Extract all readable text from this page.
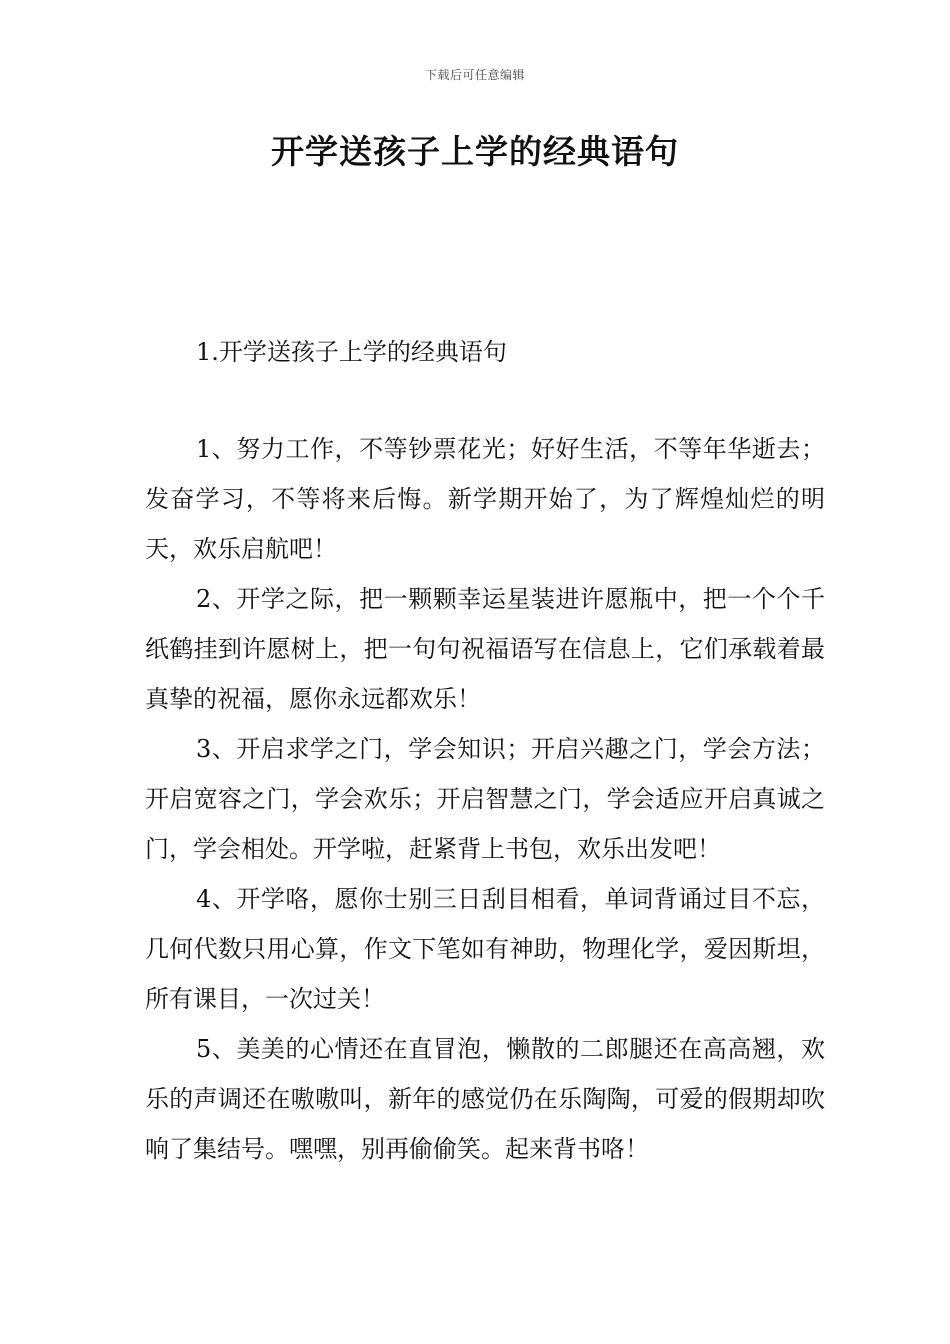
下载后可任意编辑
开学送孩子上学的经典语句
1.开学送孩子上学的经典语句

1、努力工作，不等钞票花光；好好生活，不等年华逝去；发奋学习，不等将来后悔。新学期开始了，为了辉煌灿烂的明天，欢乐启航吧！

2、开学之际，把一颗颗幸运星装进许愿瓶中，把一个个千纸鹤挂到许愿树上，把一句句祝福语写在信息上，它们承载着最真挚的祝福，愿你永远都欢乐！

3、开启求学之门，学会知识；开启兴趣之门，学会方法；开启宽容之门，学会欢乐；开启智慧之门，学会适应开启真诚之门，学会相处。开学啦，赶紧背上书包，欢乐出发吧！

4、开学咯，愿你士别三日刮目相看，单词背诵过目不忘，几何代数只用心算，作文下笔如有神助，物理化学，爱因斯坦，所有课目，一次过关！

5、美美的心情还在直冒泡，懒散的二郎腿还在高高翘，欢乐的声调还在嗷嗷叫，新年的感觉仍在乐陶陶，可爱的假期却吹响了集结号。嘿嘿，别再偷偷笑。起来背书咯！
